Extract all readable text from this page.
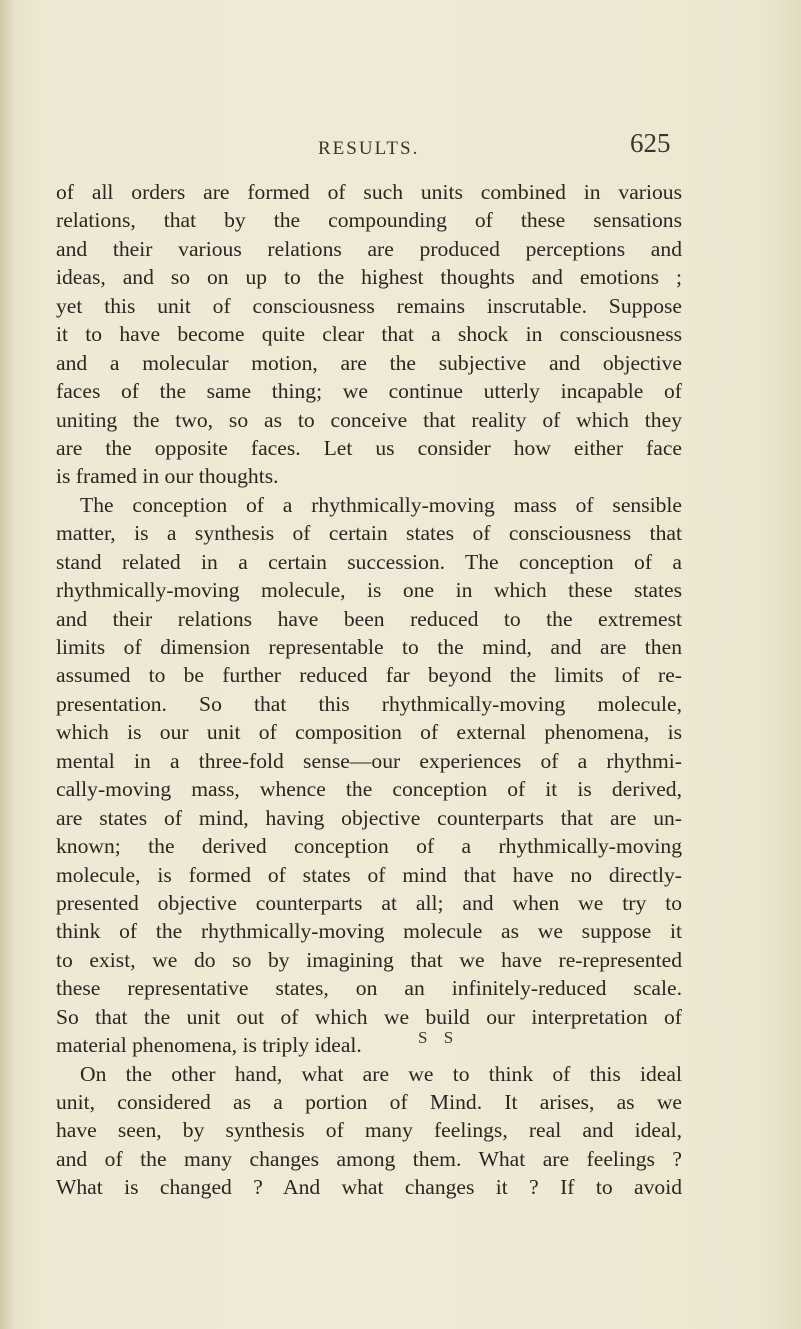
RESULTS.	625
of all orders are formed of such units combined in various
relations, that by the compounding of these sensations
and their various relations are produced perceptions and
ideas, and so on up to the highest thoughts and emotions ;
yet this unit of consciousness remains inscrutable. Suppose
it to have become quite clear that a shock in consciousness
and a molecular motion, are the subjective and objective
faces of the same thing; we continue utterly incapable of
uniting the two, so as to conceive that reality of which they
are the opposite faces. Let us consider how either face
is framed in our thoughts.
The conception of a rhythmically-moving mass of sensible
matter, is a synthesis of certain states of consciousness that
stand related in a certain succession. The conception of a
rhythmically-moving molecule, is one in which these states
and their relations have been reduced to the extremest
limits of dimension representable to the mind, and are then
assumed to be further reduced far beyond the limits of re-
presentation. So that this rhythmically-moving molecule,
which is our unit of composition of external phenomena, is
mental in a three-fold sense—our experiences of a rhythmi-
cally-moving mass, whence the conception of it is derived,
are states of mind, having objective counterparts that are un-
known; the derived conception of a rhythmically-moving
molecule, is formed of states of mind that have no directly-
presented objective counterparts at all; and when we try to
think of the rhythmically-moving molecule as we suppose it
to exist, we do so by imagining that we have re-represented
these representative states, on an infinitely-reduced scale.
So that the unit out of which we build our interpretation of
material phenomena, is triply ideal.
On the other hand, what are we to think of this ideal
unit, considered as a portion of Mind. It arises, as we
have seen, by synthesis of many feelings, real and ideal,
and of the many changes among them. What are feelings ?
What is changed ? And what changes it ? If to avoid
S S
